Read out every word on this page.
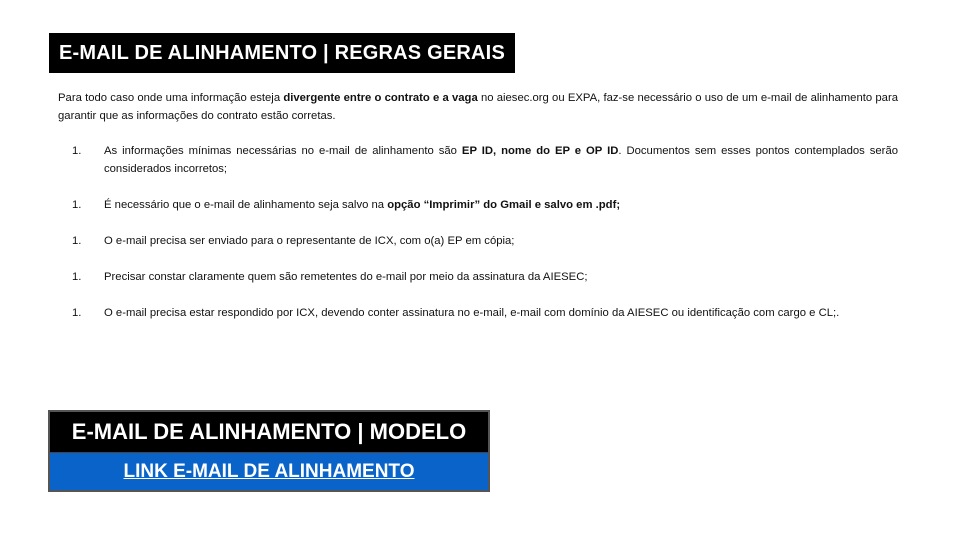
E-MAIL DE ALINHAMENTO | REGRAS GERAIS
Para todo caso onde uma informação esteja divergente entre o contrato e a vaga no aiesec.org ou EXPA, faz-se necessário o uso de um e-mail de alinhamento para garantir que as informações do contrato estão corretas.
1.	As informações mínimas necessárias no e-mail de alinhamento são EP ID, nome do EP e OP ID. Documentos sem esses pontos contemplados serão considerados incorretos;
1.	É necessário que o e-mail de alinhamento seja salvo na opção “Imprimir” do Gmail e salvo em .pdf;
1.	O e-mail precisa ser enviado para o representante de ICX, com o(a) EP em cópia;
1.	Precisar constar claramente quem são remetentes do e-mail por meio da assinatura da AIESEC;
1.	O e-mail precisa estar respondido por ICX, devendo conter assinatura no e-mail, e-mail com domínio da AIESEC ou identificação com cargo e CL;.
E-MAIL DE ALINHAMENTO | MODELO
LINK E-MAIL DE ALINHAMENTO
